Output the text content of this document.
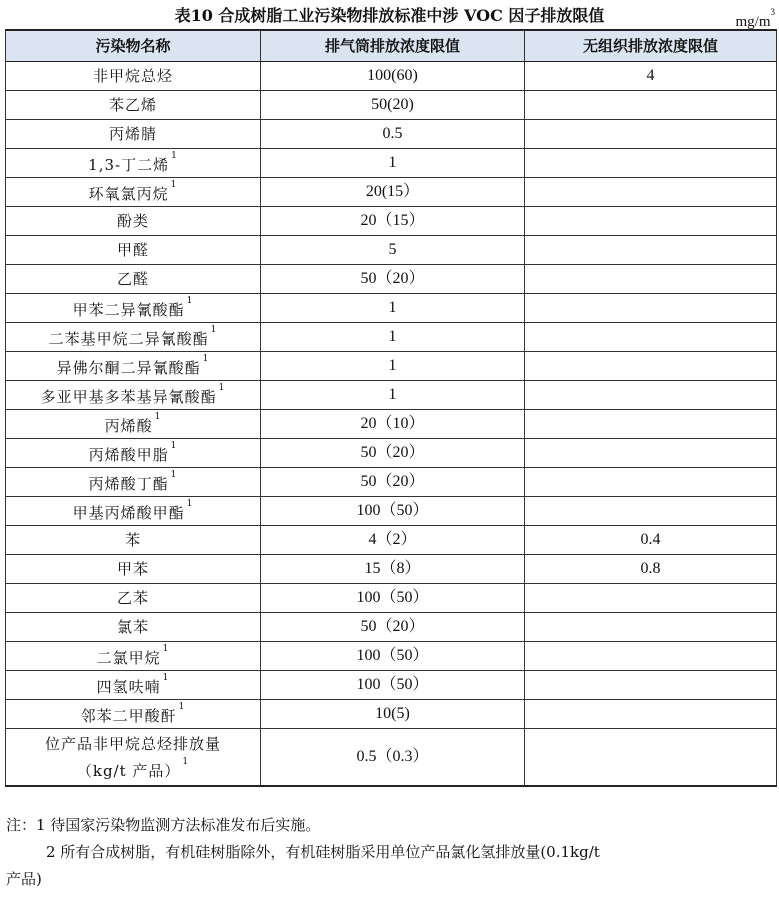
表10 合成树脂工业污染物排放标准中涉 VOC 因子排放限值	$mg/m^3$
污染物名称	排气筒排放浓度限值	无组织排放浓度限值
非甲烷总烃	100(60)	4
苯乙烯	50(20)	
丙烯腈	0.5	
1,3-丁二烯 $^1$	1	
环氧氯丙烷 $^1$	20(15）	
酚类	20（15）	
甲醛	5	
乙醛	50（20）	
甲苯二异氰酸酯 $^1$	1	
二苯基甲烷二异氰酸酯 $^1$	1	
异佛尔酮二异氰酸酯 $^1$	1	
多亚甲基多苯基异氰酸酯 $^1$	1	
丙烯酸 $^1$	20（10）	
丙烯酸甲脂 $^1$	50（20）	
丙烯酸丁酯 $^1$	50（20）	
甲基丙烯酸甲酯 $^1$	100（50）	
苯	4（2）	0.4
甲苯	15（8）	0.8
乙苯	100（50）	
氯苯	50（20）	
二氯甲烷 $^1$	100（50）	
四氢呋喃 $^1$	100（50）	
邻苯二甲酸酐 $^1$	10(5)	

位产品非甲烷总烃排放量
（kg/t 产品） $^1$	0.5（0.3）	
注：1 待国家污染物监测方法标准发布后实施。
2 所有合成树脂，有机硅树脂除外，有机硅树脂采用单位产品氯化氢排放量(0.1kg/t
产品)
